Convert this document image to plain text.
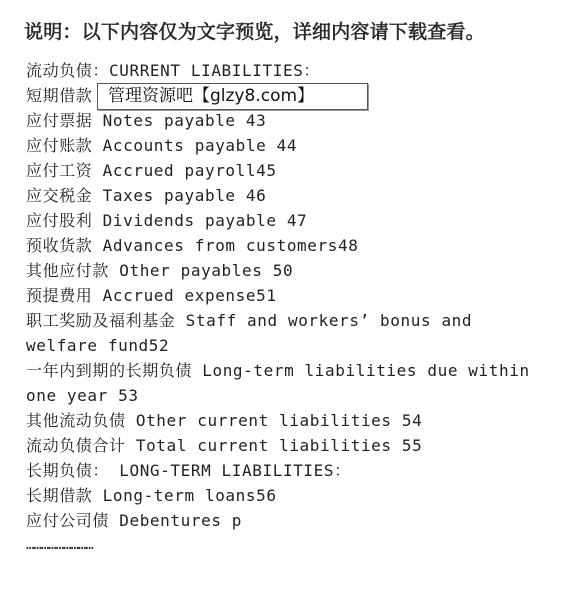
说明：以下内容仅为文字预览，详细内容请下载查看。
流动负债：CURRENT LIABILITIES：
短期借款
应付票据 Notes payable 43
应付账款 Accounts payable 44
应付工资 Accrued payroll45
应交税金 Taxes payable 46
应付股利 Dividends payable 47
预收货款 Advances from customers48
其他应付款 Other payables 50
预提费用 Accrued expense51
职工奖励及福利基金 Staff and workers’ bonus and
welfare fund52
一年内到期的长期负债 Long-term liabilities due within
one year 53
其他流动负债 Other current liabilities 54
流动负债合计 Total current liabilities 55
长期负债： LONG-TERM LIABILITIES：
长期借款 Long-term loans56
应付公司债 Debentures p
………………………
管理资源吧【glzy8.com】
